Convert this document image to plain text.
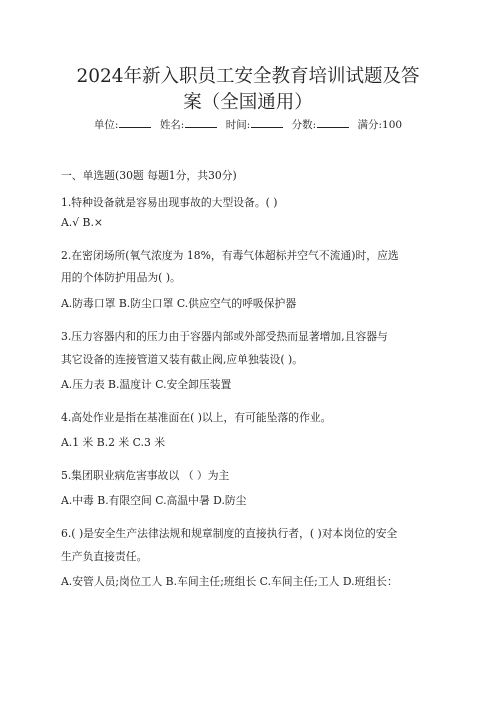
2024年新入职员工安全教育培训试题及答
案（全国通用）
单位:	姓名:	时间:	分数:	满分:100
一、单选题(30题 每题1分，共30分)
1.特种设备就是容易出现事故的大型设备。( )
A.√ B.×
2.在密闭场所(氧气浓度为 18%，有毒气体超标并空气不流通)时，应选
用的个体防护用品为( )。
A.防毒口罩 B.防尘口罩 C.供应空气的呼吸保护器
3.压力容器内和的压力由于容器内部或外部受热而显著增加,且容器与
其它设备的连接管道又装有截止阀,应单独装设( )。
A.压力表 B.温度计 C.安全卸压装置
4.高处作业是指在基准面在( )以上，有可能坠落的作业。
A.1 米 B.2 米 C.3 米
5.集团职业病危害事故以 （ ）为主
A.中毒 B.有限空间 C.高温中暑 D.防尘
6.( )是安全生产法律法规和规章制度的直接执行者，( )对本岗位的安全
生产负直接责任。
A.安管人员;岗位工人 B.车间主任;班组长 C.车间主任;工人 D.班组长：
